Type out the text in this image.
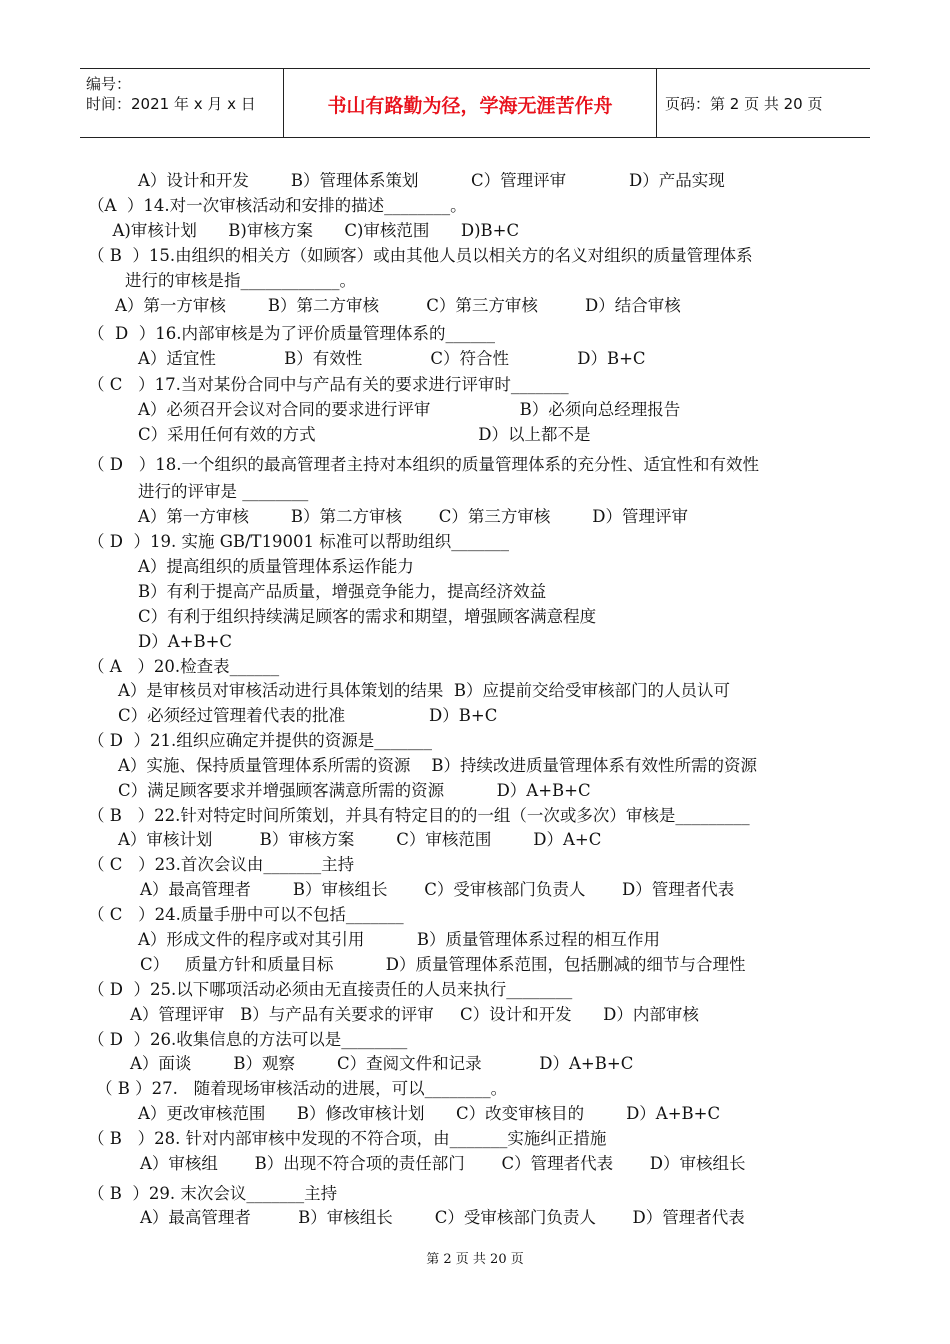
编号：
时间：2021 年 x 月 x 日	书山有路勤为径，学海无涯苦作舟	页码：第 2 页 共 20 页
A）设计和开发        B）管理体系策划          C）管理评审            D）产品实现
（A  ）14.对一次审核活动和安排的描述________。
A)审核计划      B)审核方案      C)审核范围      D)B+C
（ B  ）15.由组织的相关方（如顾客）或由其他人员以相关方的名义对组织的质量管理体系
进行的审核是指____________。
A）第一方审核        B）第二方审核         C）第三方审核         D）结合审核
（  D  ）16.内部审核是为了评价质量管理体系的______
A）适宜性             B）有效性             C）符合性             D）B+C
（ C   ）17.当对某份合同中与产品有关的要求进行评审时_______
A）必须召开会议对合同的要求进行评审                 B）必须向总经理报告
C）采用任何有效的方式                               D）以上都不是
（ D   ）18.一个组织的最高管理者主持对本组织的质量管理体系的充分性、适宜性和有效性
进行的评审是 ________
A）第一方审核        B）第二方审核       C）第三方审核        D）管理评审
（ D  ）19. 实施 GB/T19001 标准可以帮助组织_______
A）提高组织的质量管理体系运作能力
B）有利于提高产品质量，增强竞争能力，提高经济效益
C）有利于组织持续满足顾客的需求和期望，增强顾客满意程度
D）A+B+C
（ A   ）20.检查表______
A）是审核员对审核活动进行具体策划的结果  B）应提前交给受审核部门的人员认可
C）必须经过管理着代表的批准                D）B+C
（ D  ）21.组织应确定并提供的资源是_______
A）实施、保持质量管理体系所需的资源    B）持续改进质量管理体系有效性所需的资源
C）满足顾客要求并增强顾客满意所需的资源          D）A+B+C
（ B   ）22.针对特定时间所策划，并具有特定目的的一组（一次或多次）审核是_________
A）审核计划         B）审核方案        C）审核范围        D）A+C
（ C   ）23.首次会议由_______主持
A）最高管理者        B）审核组长       C）受审核部门负责人       D）管理者代表
（ C   ）24.质量手册中可以不包括_______
A）形成文件的程序或对其引用          B）质量管理体系过程的相互作用
C）   质量方针和质量目标          D）质量管理体系范围，包括删减的细节与合理性
（ D  ）25.以下哪项活动必须由无直接责任的人员来执行________
A）管理评审   B）与产品有关要求的评审     C）设计和开发      D）内部审核
（ D  ）26.收集信息的方法可以是________
A）面谈        B）观察        C）查阅文件和记录           D）A+B+C
（ B ）27.   随着现场审核活动的进展，可以________。
A）更改审核范围      B）修改审核计划      C）改变审核目的        D）A+B+C
（ B   ）28. 针对内部审核中发现的不符合项，由_______实施纠正措施
A）审核组       B）出现不符合项的责任部门       C）管理者代表       D）审核组长
（ B  ）29. 末次会议_______主持
A）最高管理者         B）审核组长        C）受审核部门负责人       D）管理者代表
第 2 页 共 20 页
